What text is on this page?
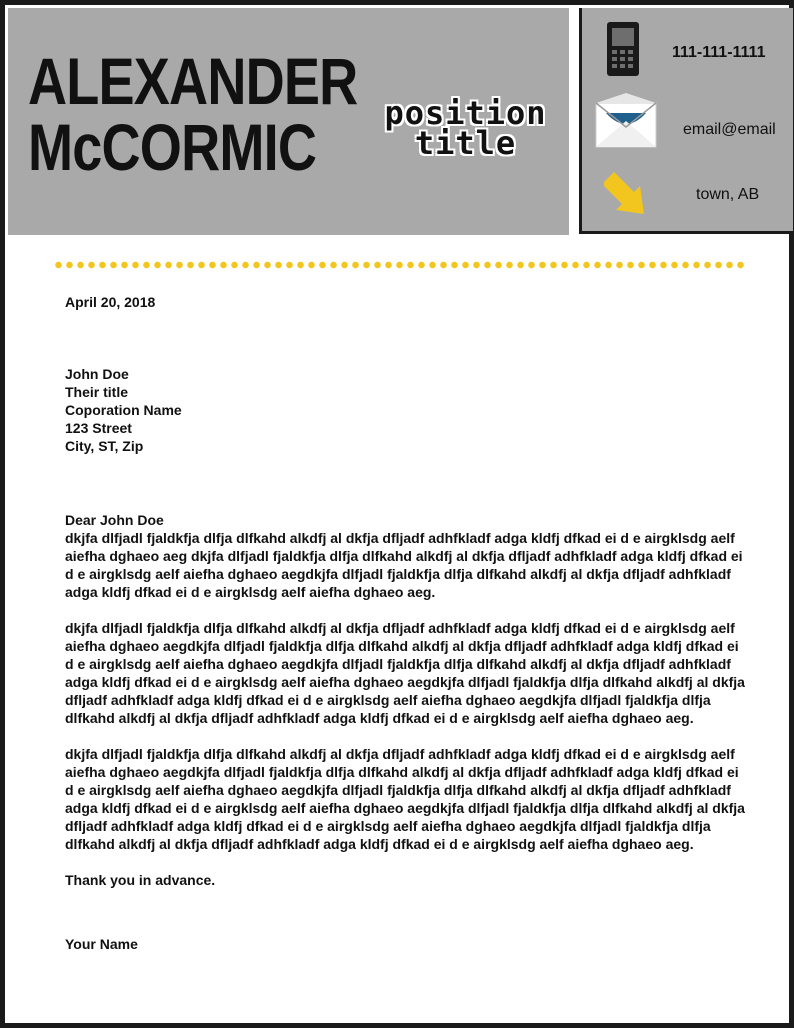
ALEXANDER
McCORMIC	position
title
111-111-1111
email@email
town, AB

April 20, 2018

John Doe

Their title

Coporation Name

123 Street

City, ST, Zip

Dear John Doe

dkjfa dlfjadl fjaldkfja dlfja dlfkahd alkdfj al dkfja dfljadf adhfkladf adga kldfj dfkad ei d e airgklsdg aelf aiefha dghaeo aeg dkjfa dlfjadl fjaldkfja dlfja dlfkahd alkdfj al dkfja dfljadf adhfkladf adga kldfj dfkad ei d e airgklsdg aelf aiefha dghaeo aegdkjfa dlfjadl fjaldkfja dlfja dlfkahd alkdfj al dkfja dfljadf adhfkladf adga kldfj dfkad ei d e airgklsdg aelf aiefha dghaeo aeg.

dkjfa dlfjadl fjaldkfja dlfja dlfkahd alkdfj al dkfja dfljadf adhfkladf adga kldfj dfkad ei d e airgklsdg aelf aiefha dghaeo aegdkjfa dlfjadl fjaldkfja dlfja dlfkahd alkdfj al dkfja dfljadf adhfkladf adga kldfj dfkad ei d e airgklsdg aelf aiefha dghaeo aegdkjfa dlfjadl fjaldkfja dlfja dlfkahd alkdfj al dkfja dfljadf adhfkladf adga kldfj dfkad ei d e airgklsdg aelf aiefha dghaeo aegdkjfa dlfjadl fjaldkfja dlfja dlfkahd alkdfj al dkfja dfljadf adhfkladf adga kldfj dfkad ei d e airgklsdg aelf aiefha dghaeo aegdkjfa dlfjadl fjaldkfja dlfja dlfkahd alkdfj al dkfja dfljadf adhfkladf adga kldfj dfkad ei d e airgklsdg aelf aiefha dghaeo aeg.

dkjfa dlfjadl fjaldkfja dlfja dlfkahd alkdfj al dkfja dfljadf adhfkladf adga kldfj dfkad ei d e airgklsdg aelf aiefha dghaeo aegdkjfa dlfjadl fjaldkfja dlfja dlfkahd alkdfj al dkfja dfljadf adhfkladf adga kldfj dfkad ei d e airgklsdg aelf aiefha dghaeo aegdkjfa dlfjadl fjaldkfja dlfja dlfkahd alkdfj al dkfja dfljadf adhfkladf adga kldfj dfkad ei d e airgklsdg aelf aiefha dghaeo aegdkjfa dlfjadl fjaldkfja dlfja dlfkahd alkdfj al dkfja dfljadf adhfkladf adga kldfj dfkad ei d e airgklsdg aelf aiefha dghaeo aegdkjfa dlfjadl fjaldkfja dlfja dlfkahd alkdfj al dkfja dfljadf adhfkladf adga kldfj dfkad ei d e airgklsdg aelf aiefha dghaeo aeg.

Thank you in advance.

Your Name
